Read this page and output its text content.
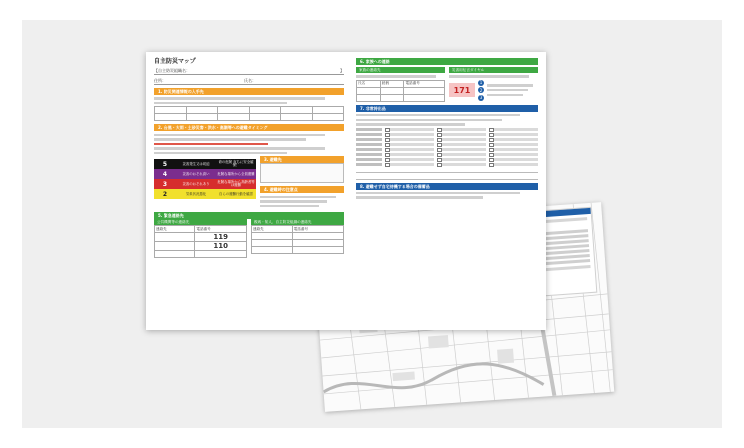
自主防災マップ
【自主防災組織名：	】
住所：	氏名：
1. 防災関連情報の入手先

2. 台風・大雨・土砂災害・洪水・高潮等への避難タイミング
5	災害発生又は切迫	命の危険 直ちに安全確保！
4	災害のおそれ高い	危険な場所から全員避難
3	災害のおそれあり	危険な場所から高齢者等は避難
2	気象状況悪化	自らの避難行動を確認
3. 避難先
4. 避難時の注意点
5. 緊急連絡先
公共機関等の連絡先
連絡先	電話番号
	119
	110

親戚・知人、自主防災組織の連絡先
連絡先	電話番号

6. 家族への連絡
家族の連絡先
氏名	続柄	電話番号

災害用伝言ダイヤル
171
1
2
3
7. 非常持出品
8. 避難せず自宅待機する場合の備蓄品
